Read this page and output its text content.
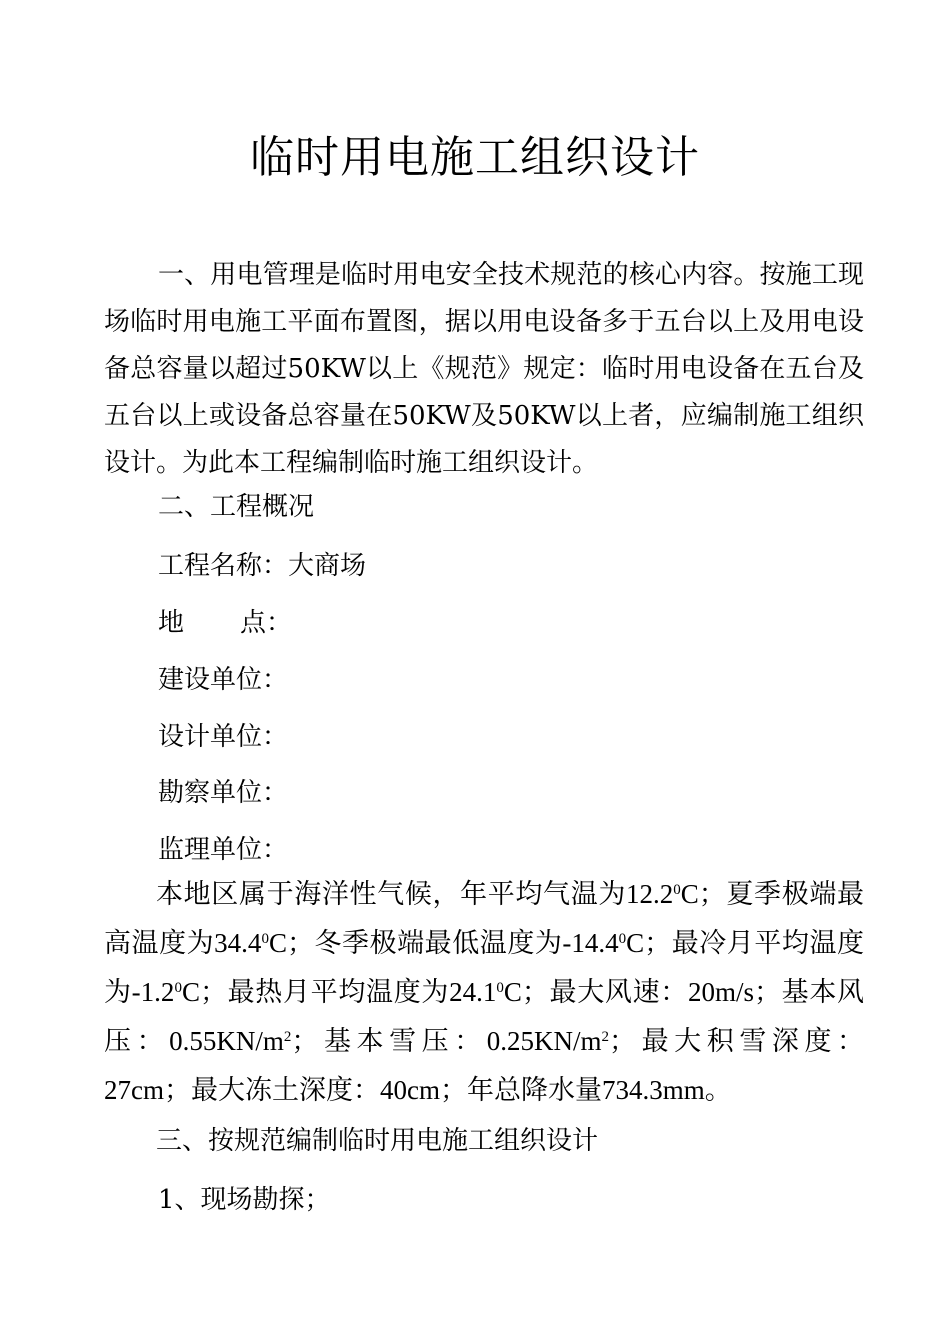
临时用电施工组织设计

一、用电管理是临时用电安全技术规范的核心内容。按施工现场临时用电施工平面布置图，据以用电设备多于五台以上及用电设备总容量以超过50KW以上《规范》规定：临时用电设备在五台及五台以上或设备总容量在50KW及50KW以上者，应编制施工组织设计。为此本工程编制临时施工组织设计。

二、工程概况
工程名称：大商场
地 点：
建设单位：
设计单位：
勘察单位：
监理单位：

本地区属于海洋性气候，年平均气温为12.2$^0$C；夏季极端最高温度为34.4$^0$C；冬季极端最低温度为-14.4$^0$C；最冷月平均温度为$-1.2^0C$；最热月平均温度为24.1$^0$C；最大风速：20m/s；基本风压：$0.55KN/m^2$；基本雪压：$0.25KN/m^2$；最大积雪深度：27cm；最大冻土深度：40cm；年总降水量734.3mm。

三、按规范编制临时用电施工组织设计
1、现场勘探；
